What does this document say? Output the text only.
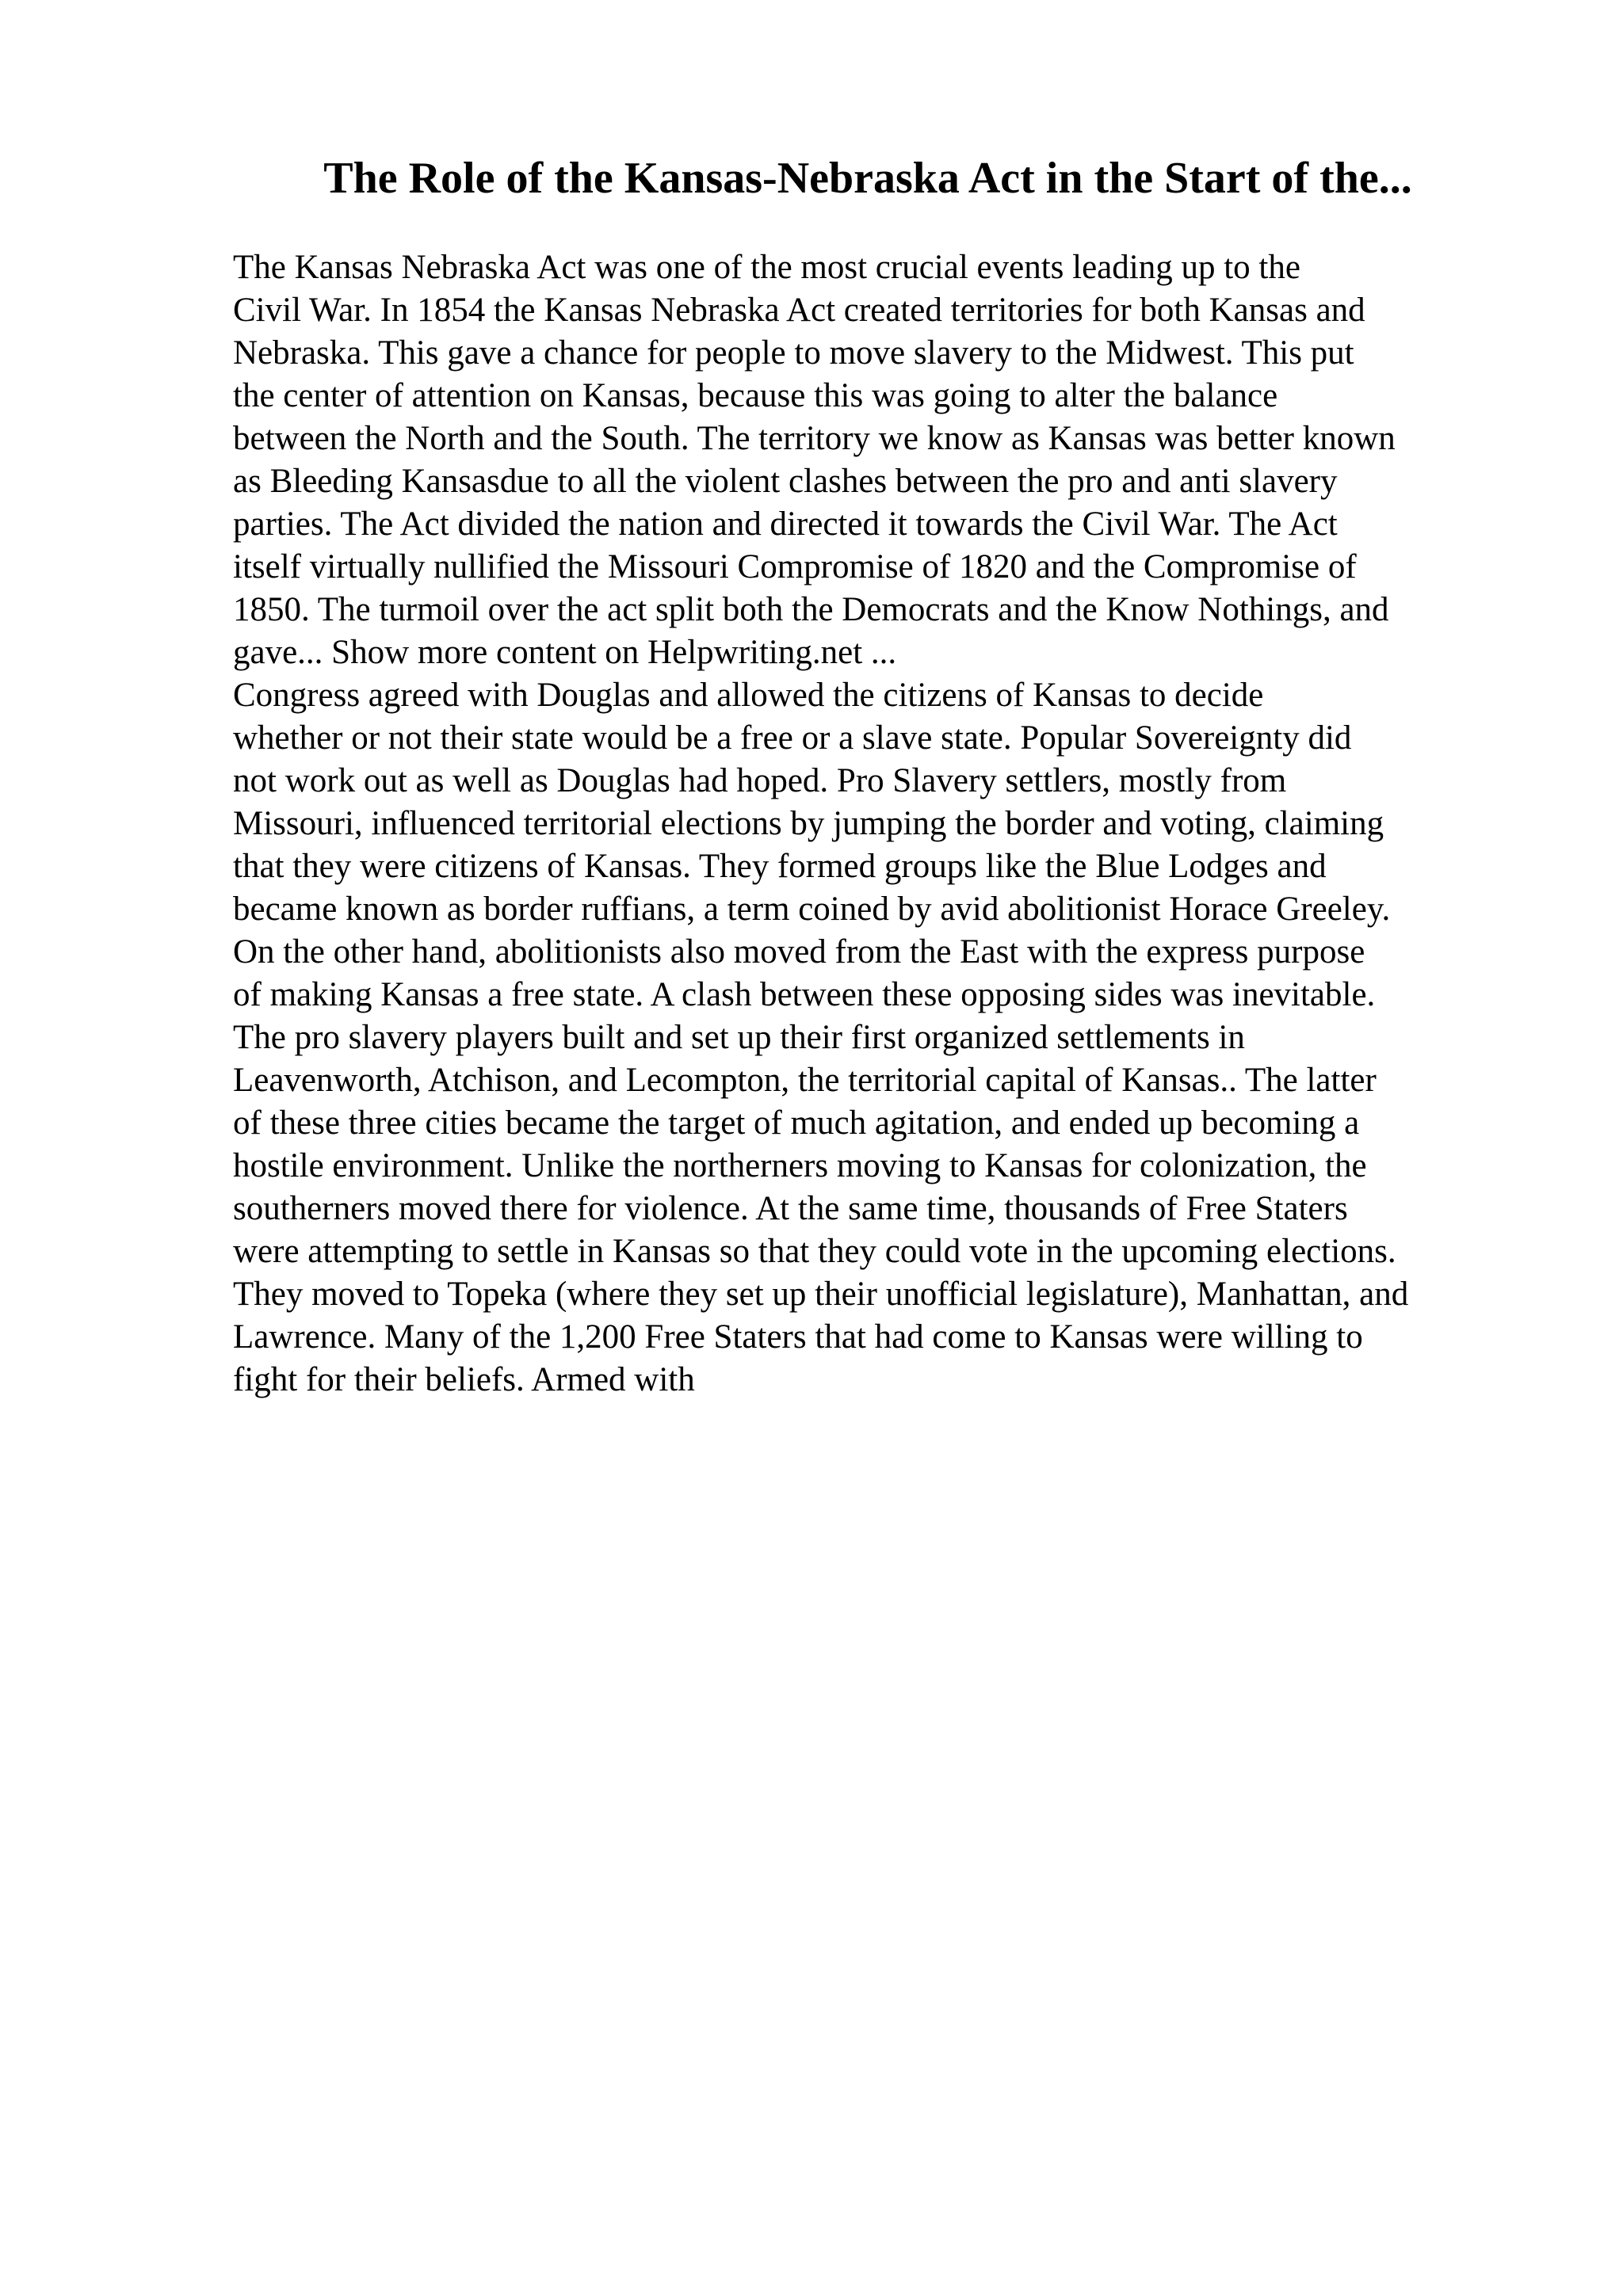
The Role of the Kansas-Nebraska Act in the Start of the...
The Kansas Nebraska Act was one of the most crucial events leading up to the
Civil War. In 1854 the Kansas Nebraska Act created territories for both Kansas and
Nebraska. This gave a chance for people to move slavery to the Midwest. This put
the center of attention on Kansas, because this was going to alter the balance
between the North and the South. The territory we know as Kansas was better known
as Bleeding Kansasdue to all the violent clashes between the pro and anti slavery
parties. The Act divided the nation and directed it towards the Civil War. The Act
itself virtually nullified the Missouri Compromise of 1820 and the Compromise of
1850. The turmoil over the act split both the Democrats and the Know Nothings, and
gave... Show more content on Helpwriting.net ...
Congress agreed with Douglas and allowed the citizens of Kansas to decide
whether or not their state would be a free or a slave state. Popular Sovereignty did
not work out as well as Douglas had hoped. Pro Slavery settlers, mostly from
Missouri, influenced territorial elections by jumping the border and voting, claiming
that they were citizens of Kansas. They formed groups like the Blue Lodges and
became known as border ruffians, a term coined by avid abolitionist Horace Greeley.
On the other hand, abolitionists also moved from the East with the express purpose
of making Kansas a free state. A clash between these opposing sides was inevitable.
The pro slavery players built and set up their first organized settlements in
Leavenworth, Atchison, and Lecompton, the territorial capital of Kansas.. The latter
of these three cities became the target of much agitation, and ended up becoming a
hostile environment. Unlike the northerners moving to Kansas for colonization, the
southerners moved there for violence. At the same time, thousands of Free Staters
were attempting to settle in Kansas so that they could vote in the upcoming elections.
They moved to Topeka (where they set up their unofficial legislature), Manhattan, and
Lawrence. Many of the 1,200 Free Staters that had come to Kansas were willing to
fight for their beliefs. Armed with
